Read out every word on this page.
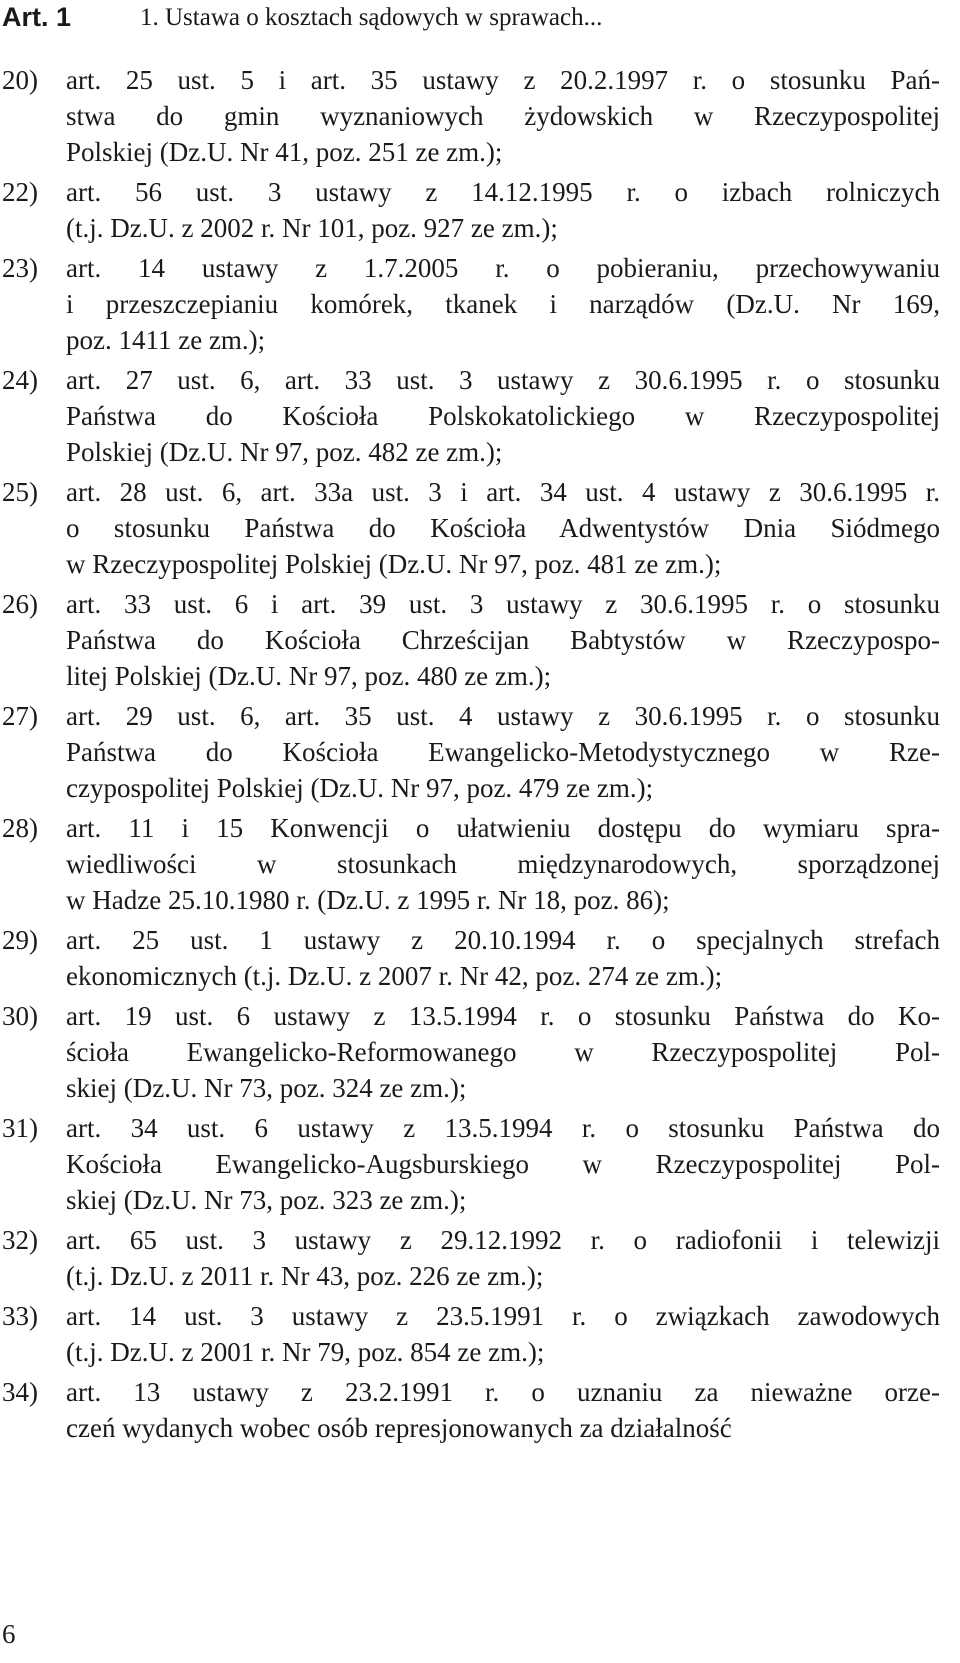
Art. 1	1. Ustawa o kosztach sądowych w sprawach...
20) art. 25 ust. 5 i art. 35 ustawy z 20.2.1997 r. o stosunku Pań-
stwa do gmin wyznaniowych żydowskich w Rzeczypospolitej
Polskiej (Dz.U. Nr 41, poz. 251 ze zm.);
22) art. 56 ust. 3 ustawy z 14.12.1995 r. o izbach rolniczych
(t.j. Dz.U. z 2002 r. Nr 101, poz. 927 ze zm.);
23) art. 14 ustawy z 1.7.2005 r. o pobieraniu, przechowywaniu
i przeszczepianiu komórek, tkanek i narządów (Dz.U. Nr 169,
poz. 1411 ze zm.);
24) art. 27 ust. 6, art. 33 ust. 3 ustawy z 30.6.1995 r. o stosunku
Państwa do Kościoła Polskokatolickiego w Rzeczypospolitej
Polskiej (Dz.U. Nr 97, poz. 482 ze zm.);
25) art. 28 ust. 6, art. 33a ust. 3 i art. 34 ust. 4 ustawy z 30.6.1995 r.
o stosunku Państwa do Kościoła Adwentystów Dnia Siódmego
w Rzeczypospolitej Polskiej (Dz.U. Nr 97, poz. 481 ze zm.);
26) art. 33 ust. 6 i art. 39 ust. 3 ustawy z 30.6.1995 r. o stosunku
Państwa do Kościoła Chrześcijan Babtystów w Rzeczypospo-
litej Polskiej (Dz.U. Nr 97, poz. 480 ze zm.);
27) art. 29 ust. 6, art. 35 ust. 4 ustawy z 30.6.1995 r. o stosunku
Państwa do Kościoła Ewangelicko-Metodystycznego w Rze-
czypospolitej Polskiej (Dz.U. Nr 97, poz. 479 ze zm.);
28) art. 11 i 15 Konwencji o ułatwieniu dostępu do wymiaru spra-
wiedliwości w stosunkach międzynarodowych, sporządzonej
w Hadze 25.10.1980 r. (Dz.U. z 1995 r. Nr 18, poz. 86);
29) art. 25 ust. 1 ustawy z 20.10.1994 r. o specjalnych strefach
ekonomicznych (t.j. Dz.U. z 2007 r. Nr 42, poz. 274 ze zm.);
30) art. 19 ust. 6 ustawy z 13.5.1994 r. o stosunku Państwa do Ko-
ścioła Ewangelicko-Reformowanego w Rzeczypospolitej Pol-
skiej (Dz.U. Nr 73, poz. 324 ze zm.);
31) art. 34 ust. 6 ustawy z 13.5.1994 r. o stosunku Państwa do
Kościoła Ewangelicko-Augsburskiego w Rzeczypospolitej Pol-
skiej (Dz.U. Nr 73, poz. 323 ze zm.);
32) art. 65 ust. 3 ustawy z 29.12.1992 r. o radiofonii i telewizji
(t.j. Dz.U. z 2011 r. Nr 43, poz. 226 ze zm.);
33) art. 14 ust. 3 ustawy z 23.5.1991 r. o związkach zawodowych
(t.j. Dz.U. z 2001 r. Nr 79, poz. 854 ze zm.);
34) art. 13 ustawy z 23.2.1991 r. o uznaniu za nieważne orze-
czeń wydanych wobec osób represjonowanych za działalność
6
